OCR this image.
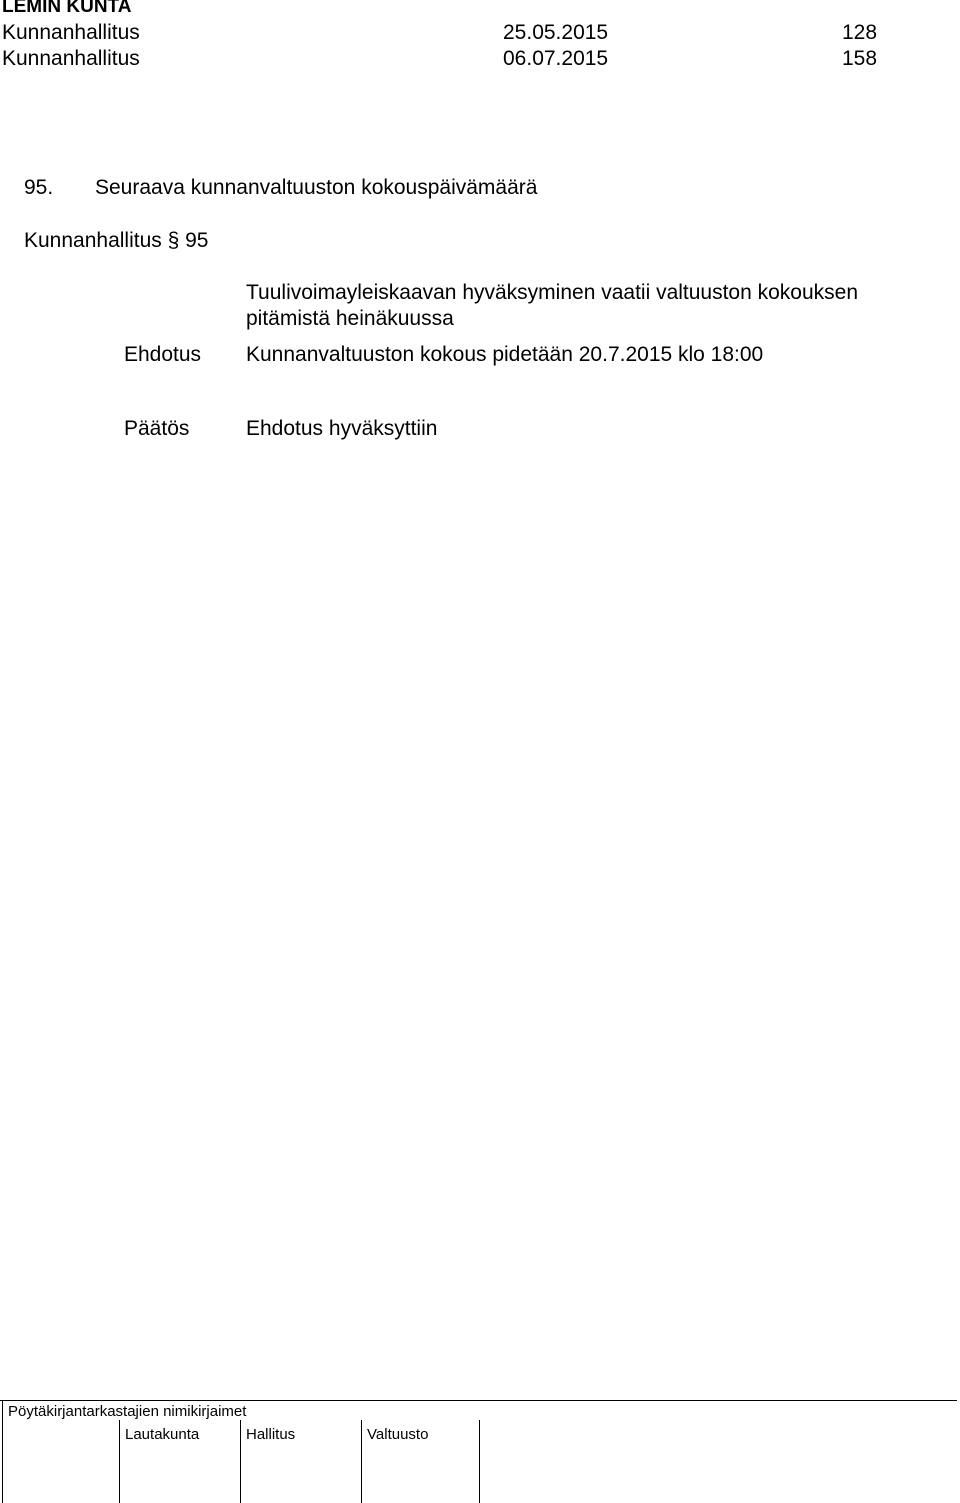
LEMIN KUNTA
Kunnanhallitus	25.05.2015	128
Kunnanhallitus	06.07.2015	158
95. Seuraava kunnanvaltuuston kokouspäivämäärä
Kunnanhallitus § 95
Tuulivoimayleiskaavan hyväksyminen vaatii valtuuston kokouksen pitämistä heinäkuussa
Ehdotus Kunnanvaltuuston kokous pidetään 20.7.2015 klo 18:00
Päätös	Ehdotus hyväksyttiin
Pöytäkirjantarkastajien nimikirjaimet
Lautakunta	Hallitus	Valtuusto
